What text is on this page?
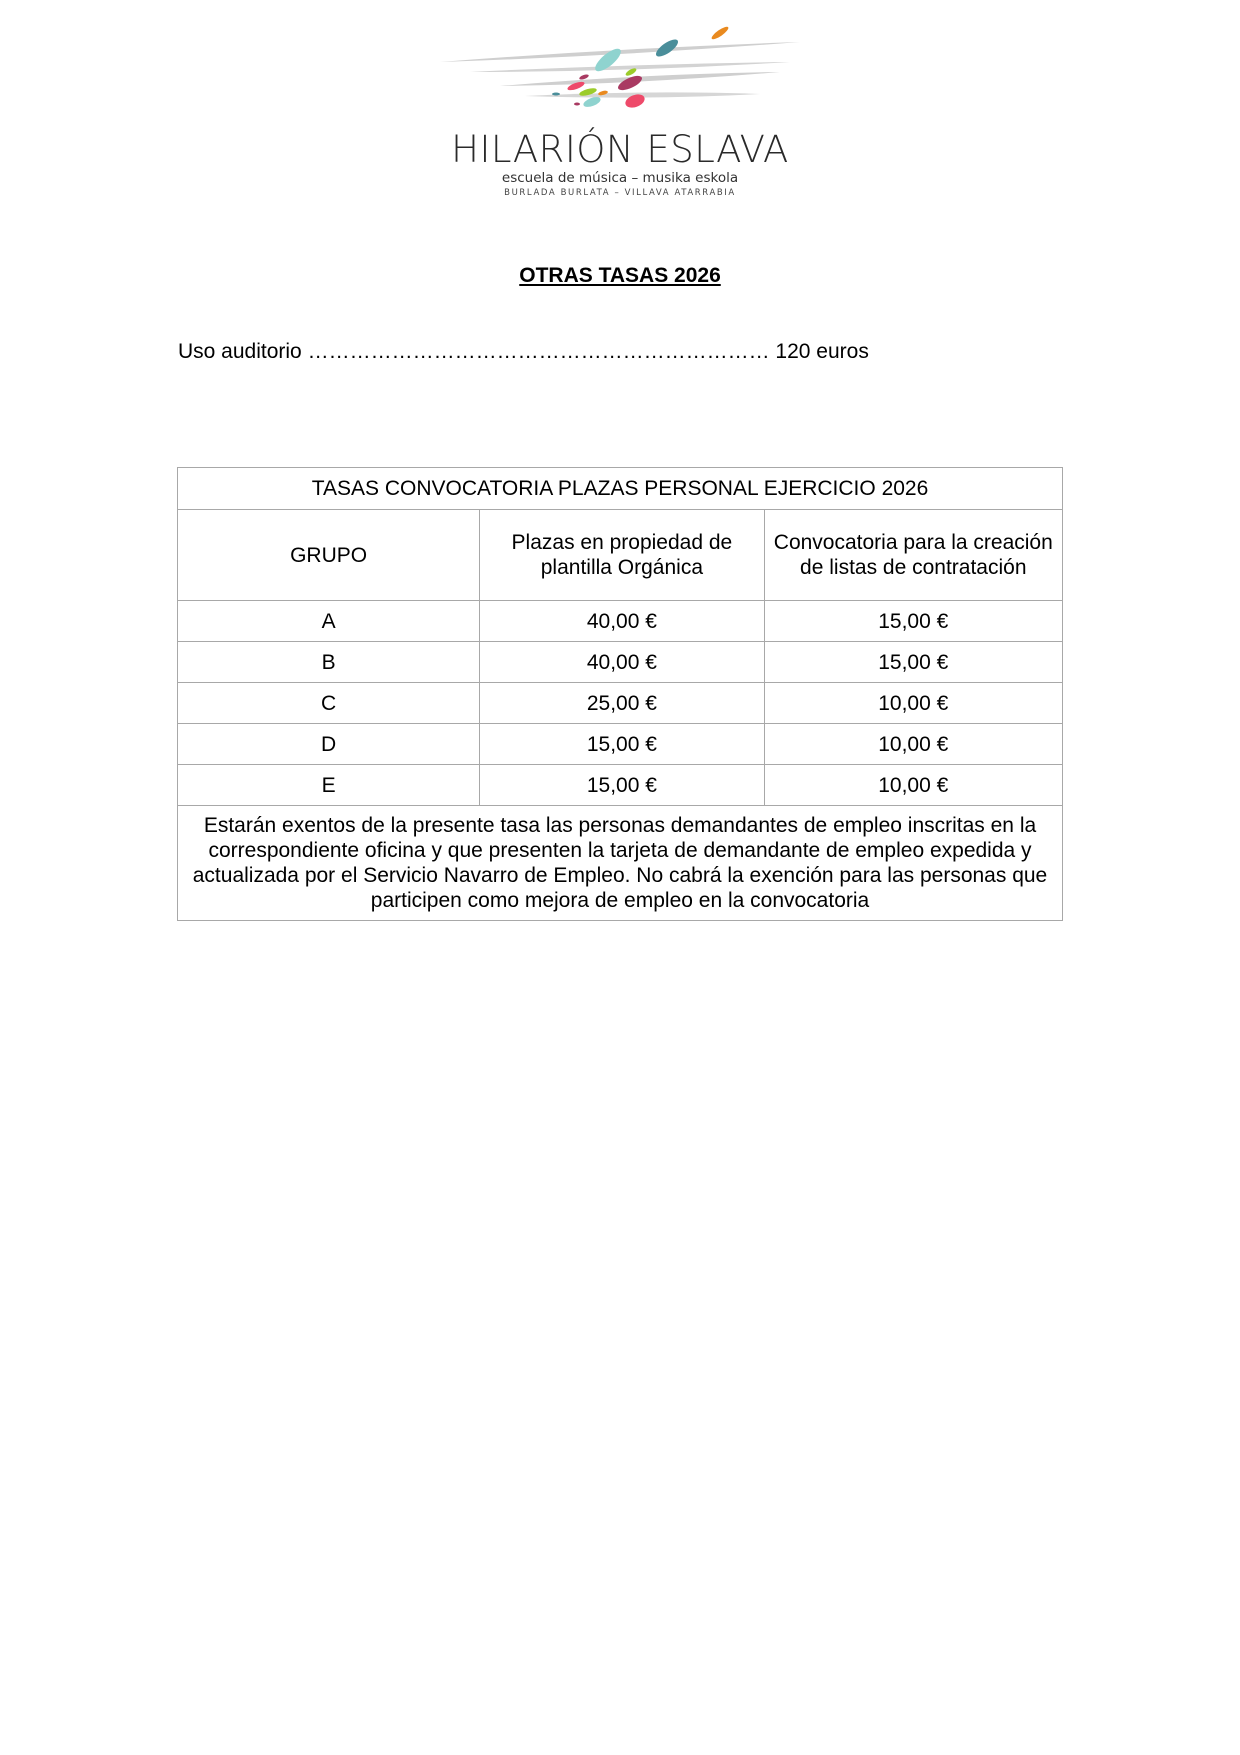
HILARIÓN ESLAVA
escuela de música – musika eskola
BURLADA BURLATA – VILLAVA ATARRABIA
OTRAS TASAS 2026
Uso auditorio ………………………………………………………… 120 euros
TASAS CONVOCATORIA PLAZAS PERSONAL EJERCICIO 2026		
GRUPO	Plazas en propiedad de plantilla Orgánica	Convocatoria para la creación de listas de contratación
A	40,00 €	15,00 €
B	40,00 €	15,00 €
C	25,00 €	10,00 €
D	15,00 €	10,00 €
E	15,00 €	10,00 €
Estarán exentos de la presente tasa las personas demandantes de empleo inscritas en la correspondiente oficina y que presenten la tarjeta de demandante de empleo expedida y actualizada por el Servicio Navarro de Empleo. No cabrá la exención para las personas que participen como mejora de empleo en la convocatoria		
